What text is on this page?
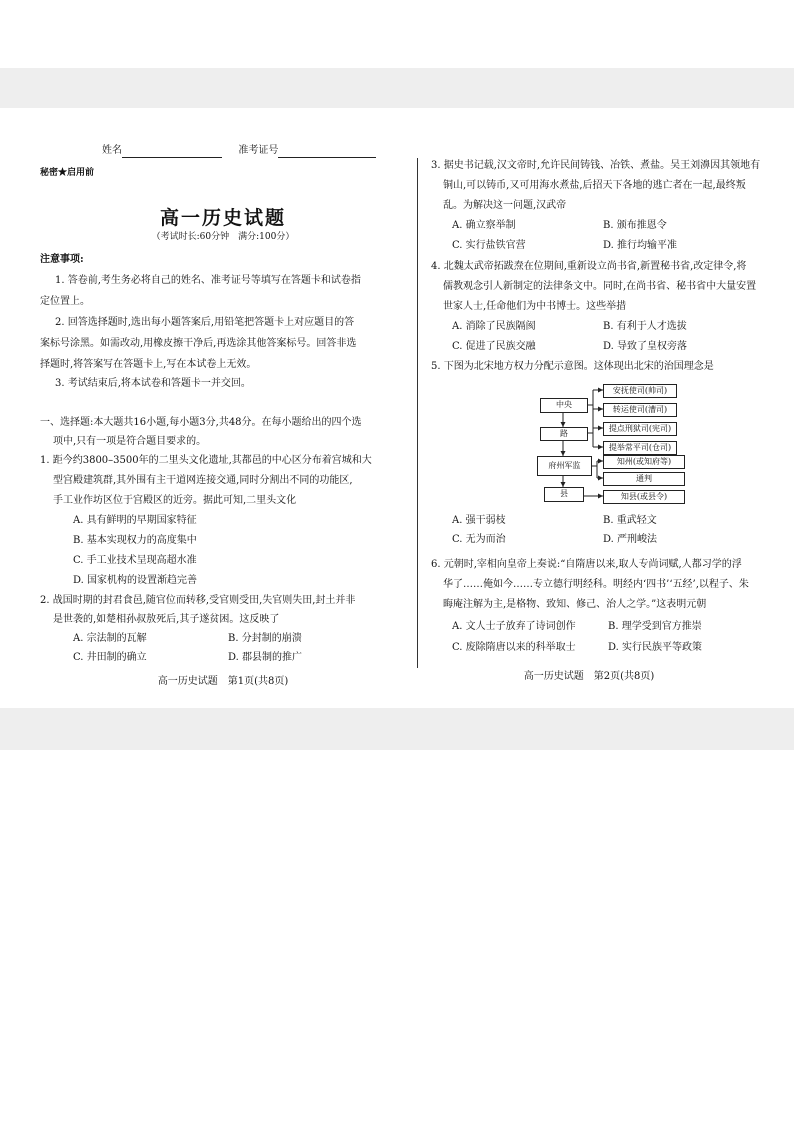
姓名	准考证号
秘密★启用前
高一历史试题
（考试时长:60分钟　满分:100分）
注意事项:
1. 答卷前,考生务必将自己的姓名、准考证号等填写在答题卡和试卷指
定位置上。
2. 回答选择题时,选出每小题答案后,用铅笔把答题卡上对应题目的答
案标号涂黑。如需改动,用橡皮擦干净后,再选涂其他答案标号。回答非选
择题时,将答案写在答题卡上,写在本试卷上无效。
3. 考试结束后,将本试卷和答题卡一并交回。
一、选择题:本大题共16小题,每小题3分,共48分。在每小题给出的四个选
项中,只有一项是符合题目要求的。
1. 距今约3800–3500年的二里头文化遗址,其都邑的中心区分布着宫城和大
型宫殿建筑群,其外围有主干道网连接交通,同时分割出不同的功能区,
手工业作坊区位于宫殿区的近旁。据此可知,二里头文化
A. 具有鲜明的早期国家特征
B. 基本实现权力的高度集中
C. 手工业技术呈现高超水准
D. 国家机构的设置渐趋完善
2. 战国时期的封君食邑,随官位而转移,受官则受田,失官则失田,封土并非
是世袭的,如楚相孙叔敖死后,其子遂贫困。这反映了
A. 宗法制的瓦解	B. 分封制的崩溃
C. 井田制的确立	D. 郡县制的推广
高一历史试题　第1页(共8页)
3. 据史书记载,汉文帝时,允许民间铸钱、冶铁、煮盐。吴王刘濞因其领地有
铜山,可以铸币,又可用海水煮盐,后招天下各地的逃亡者在一起,最终叛
乱。为解决这一问题,汉武帝
A. 确立察举制	B. 颁布推恩令
C. 实行盐铁官营	D. 推行均输平准
4. 北魏太武帝拓跋焘在位期间,重新设立尚书省,新置秘书省,改定律令,将
儒教观念引人新制定的法律条文中。同时,在尚书省、秘书省中大量安置
世家人士,任命他们为中书博士。这些举措
A. 消除了民族隔阂	B. 有利于人才选拔
C. 促进了民族交融	D. 导致了皇权旁落
5. 下图为北宋地方权力分配示意图。这体现出北宋的治国理念是
中央
路
府州军监
县
安抚使司(帅司)
转运使司(漕司)
提点刑狱司(宪司)
提举常平司(仓司)
知州(或知府等)
通判
知县(或县令)
A. 强干弱枝	B. 重武轻文
C. 无为而治	D. 严刑峻法
6. 元朝时,宰相向皇帝上奏说:“自隋唐以来,取人专尚词赋,人都习学的浮
华了……俺如今……专立德行明经科。明经内‘四书’‘五经’,以程子、朱
晦庵注解为主,是格物、致知、修己、治人之学。”这表明元朝
A. 文人士子放弃了诗词创作	B. 理学受到官方推崇
C. 废除隋唐以来的科举取士	D. 实行民族平等政策
高一历史试题　第2页(共8页)
